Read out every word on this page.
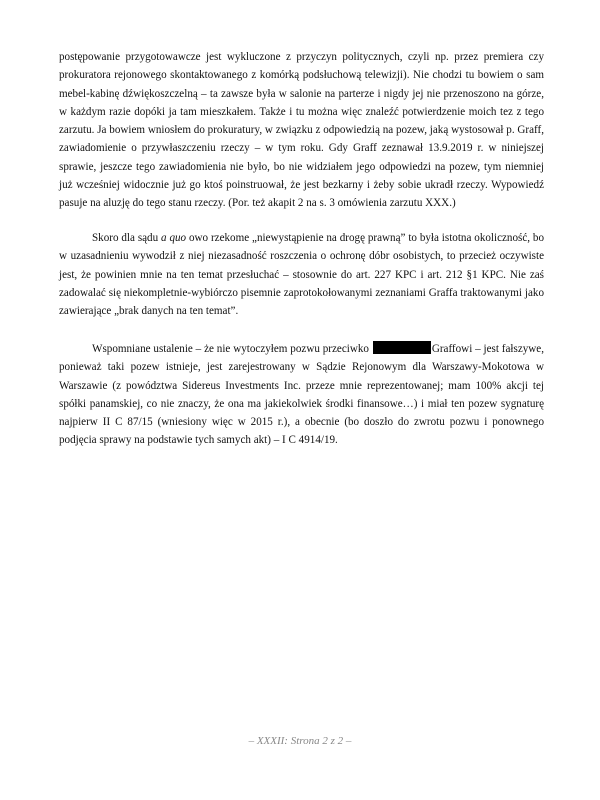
postępowanie przygotowawcze jest wykluczone z przyczyn politycznych, czyli np. przez premiera czy prokuratora rejonowego skontaktowanego z komórką podsłuchową telewizji). Nie chodzi tu bowiem o sam mebel-kabinę dźwiękoszczelną – ta zawsze była w salonie na parterze i nigdy jej nie przenoszono na górze, w każdym razie dopóki ja tam mieszkałem. Także i tu można więc znaleźć potwierdzenie moich tez z tego zarzutu. Ja bowiem wniosłem do prokuratury, w związku z odpowiedzią na pozew, jaką wystosował p. Graff, zawiadomienie o przywłaszczeniu rzeczy – w tym roku. Gdy Graff zeznawał 13.9.2019 r. w niniejszej sprawie, jeszcze tego zawiadomienia nie było, bo nie widziałem jego odpowiedzi na pozew, tym niemniej już wcześniej widocznie już go ktoś poinstruował, że jest bezkarny i żeby sobie ukradł rzeczy. Wypowiedź pasuje na aluzję do tego stanu rzeczy. (Por. też akapit 2 na s. 3 omówienia zarzutu XXX.)

Skoro dla sądu a quo owo rzekome „niewystąpienie na drogę prawną” to była istotna okoliczność, bo w uzasadnieniu wywodził z niej niezasadność roszczenia o ochronę dóbr osobistych, to przecież oczywiste jest, że powinien mnie na ten temat przesłuchać – stosownie do art. 227 KPC i art. 212 §1 KPC. Nie zaś zadowalać się niekompletnie-wybiórczo pisemnie zaprotokołowanymi zeznaniami Graffa traktowanymi jako zawierające „brak danych na ten temat”.

Wspomniane ustalenie – że nie wytoczyłem pozwu przeciwko	Graffowi – jest fałszywe, ponieważ taki pozew istnieje, jest zarejestrowany w Sądzie Rejonowym dla Warszawy-Mokotowa w Warszawie (z powództwa Sidereus Investments Inc. przeze mnie reprezentowanej; mam 100% akcji tej spółki panamskiej, co nie znaczy, że ona ma jakiekolwiek środki finansowe…) i miał ten pozew sygnaturę najpierw II C 87/15 (wniesiony więc w 2015 r.), a obecnie (bo doszło do zwrotu pozwu i ponownego podjęcia sprawy na podstawie tych samych akt) – I C 4914/19.

– XXXII: Strona 2 z 2 –
